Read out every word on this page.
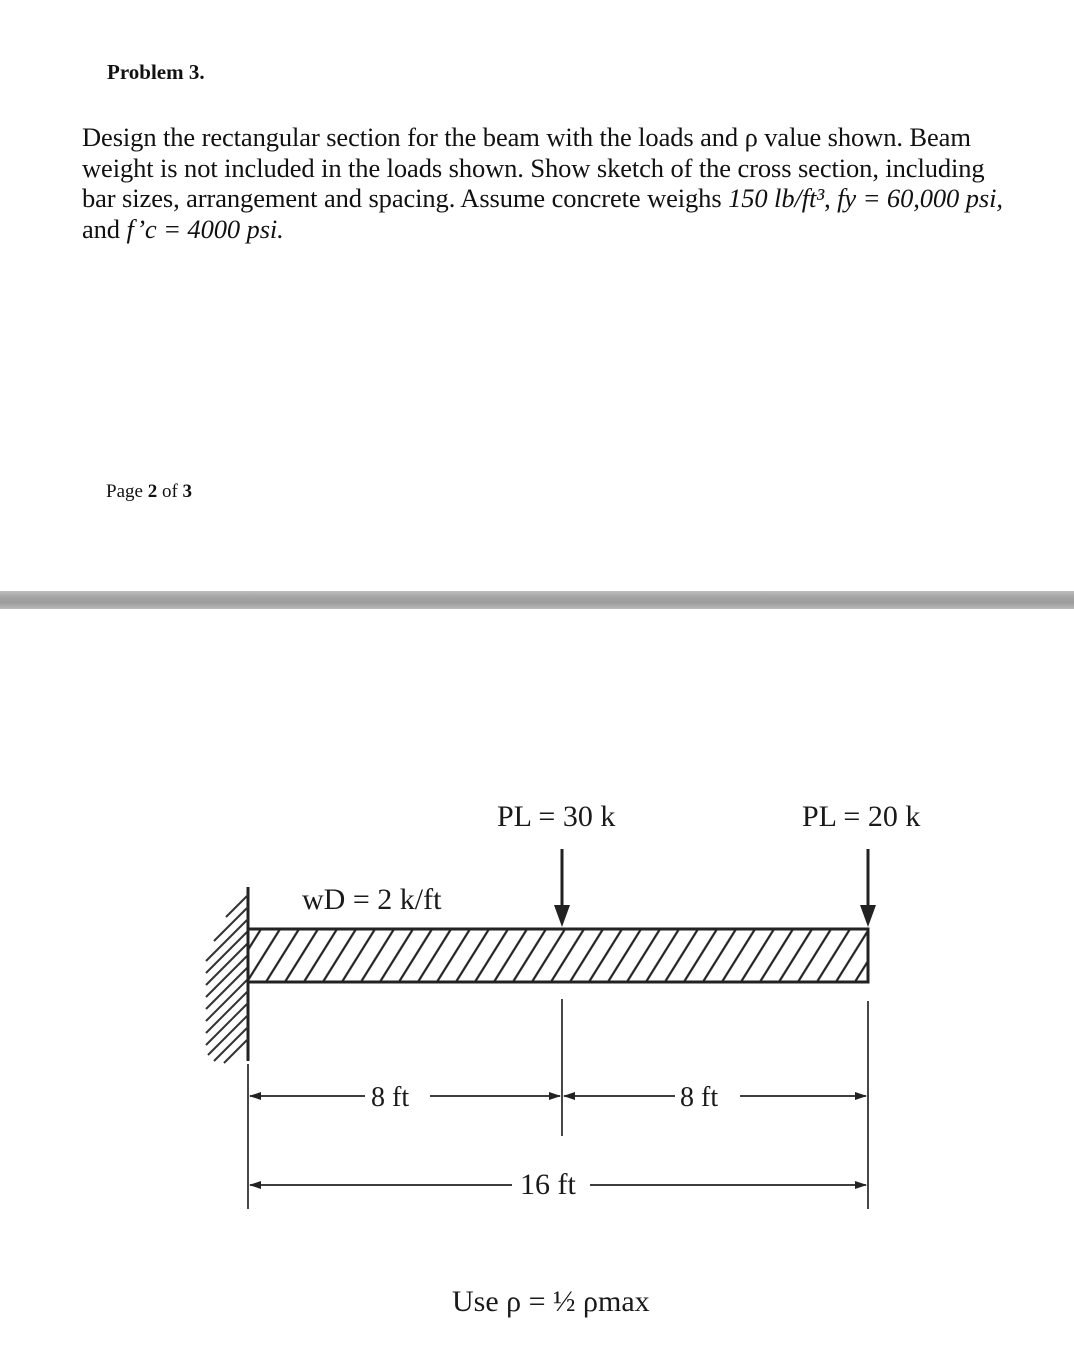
Problem 3.
Design the rectangular section for the beam with the loads and ρ value shown. Beam weight is not included in the loads shown. Show sketch of the cross section, including bar sizes, arrangement and spacing. Assume concrete weighs 150 lb/ft³, fy = 60,000 psi, and f’c = 4000 psi.
Page 2 of 3
PL = 30 k	PL = 20 k
wD = 2 k/ft
8 ft	8 ft
16 ft
Use ρ = ½ ρmax
